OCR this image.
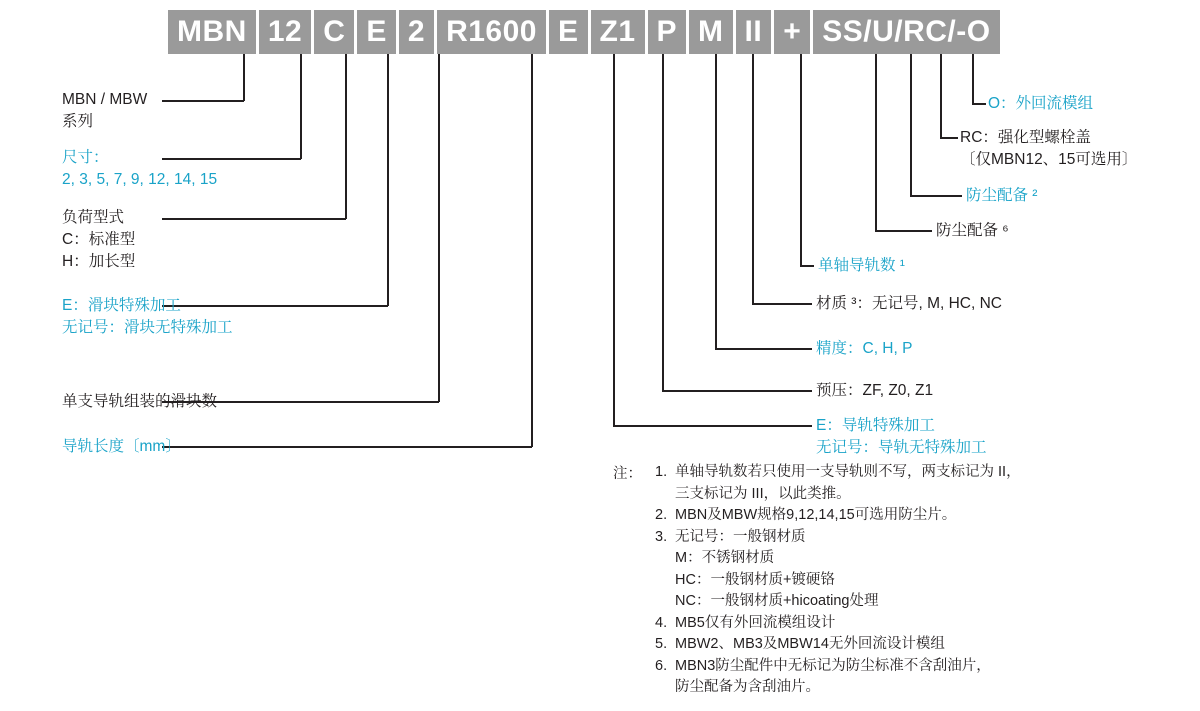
MBN 12 C E 2 R1600 E Z1 P M II + SS/U/RC/-O
MBN / MBW
系列
尺寸：
2, 3, 5, 7, 9, 12, 14, 15
负荷型式
C：标准型
H：加长型
E：滑块特殊加工
无记号：滑块无特殊加工
单支导轨组装的滑块数
导轨长度〔mm〕
O：外回流模组
RC：强化型螺栓盖
〔仅MBN12、15可选用〕
防尘配备 ²
防尘配备 ⁶
单轴导轨数 ¹
材质 ³：无记号, M, HC, NC
精度：C, H, P
预压：ZF, Z0, Z1
E：导轨特殊加工
无记号：导轨无特殊加工
注： 1. 单轴导轨数若只使用一支导轨则不写，两支标记为 II，
三支标记为 III，以此类推。
2. MBN及MBW规格9,12,14,15可选用防尘片。
3. 无记号：一般钢材质
M：不锈钢材质
HC：一般钢材质+镀硬铬
NC：一般钢材质+hicoating处理
4. MB5仅有外回流模组设计
5. MBW2、MB3及MBW14无外回流设计模组
6. MBN3防尘配件中无标记为防尘标准不含刮油片，
防尘配备为含刮油片。
